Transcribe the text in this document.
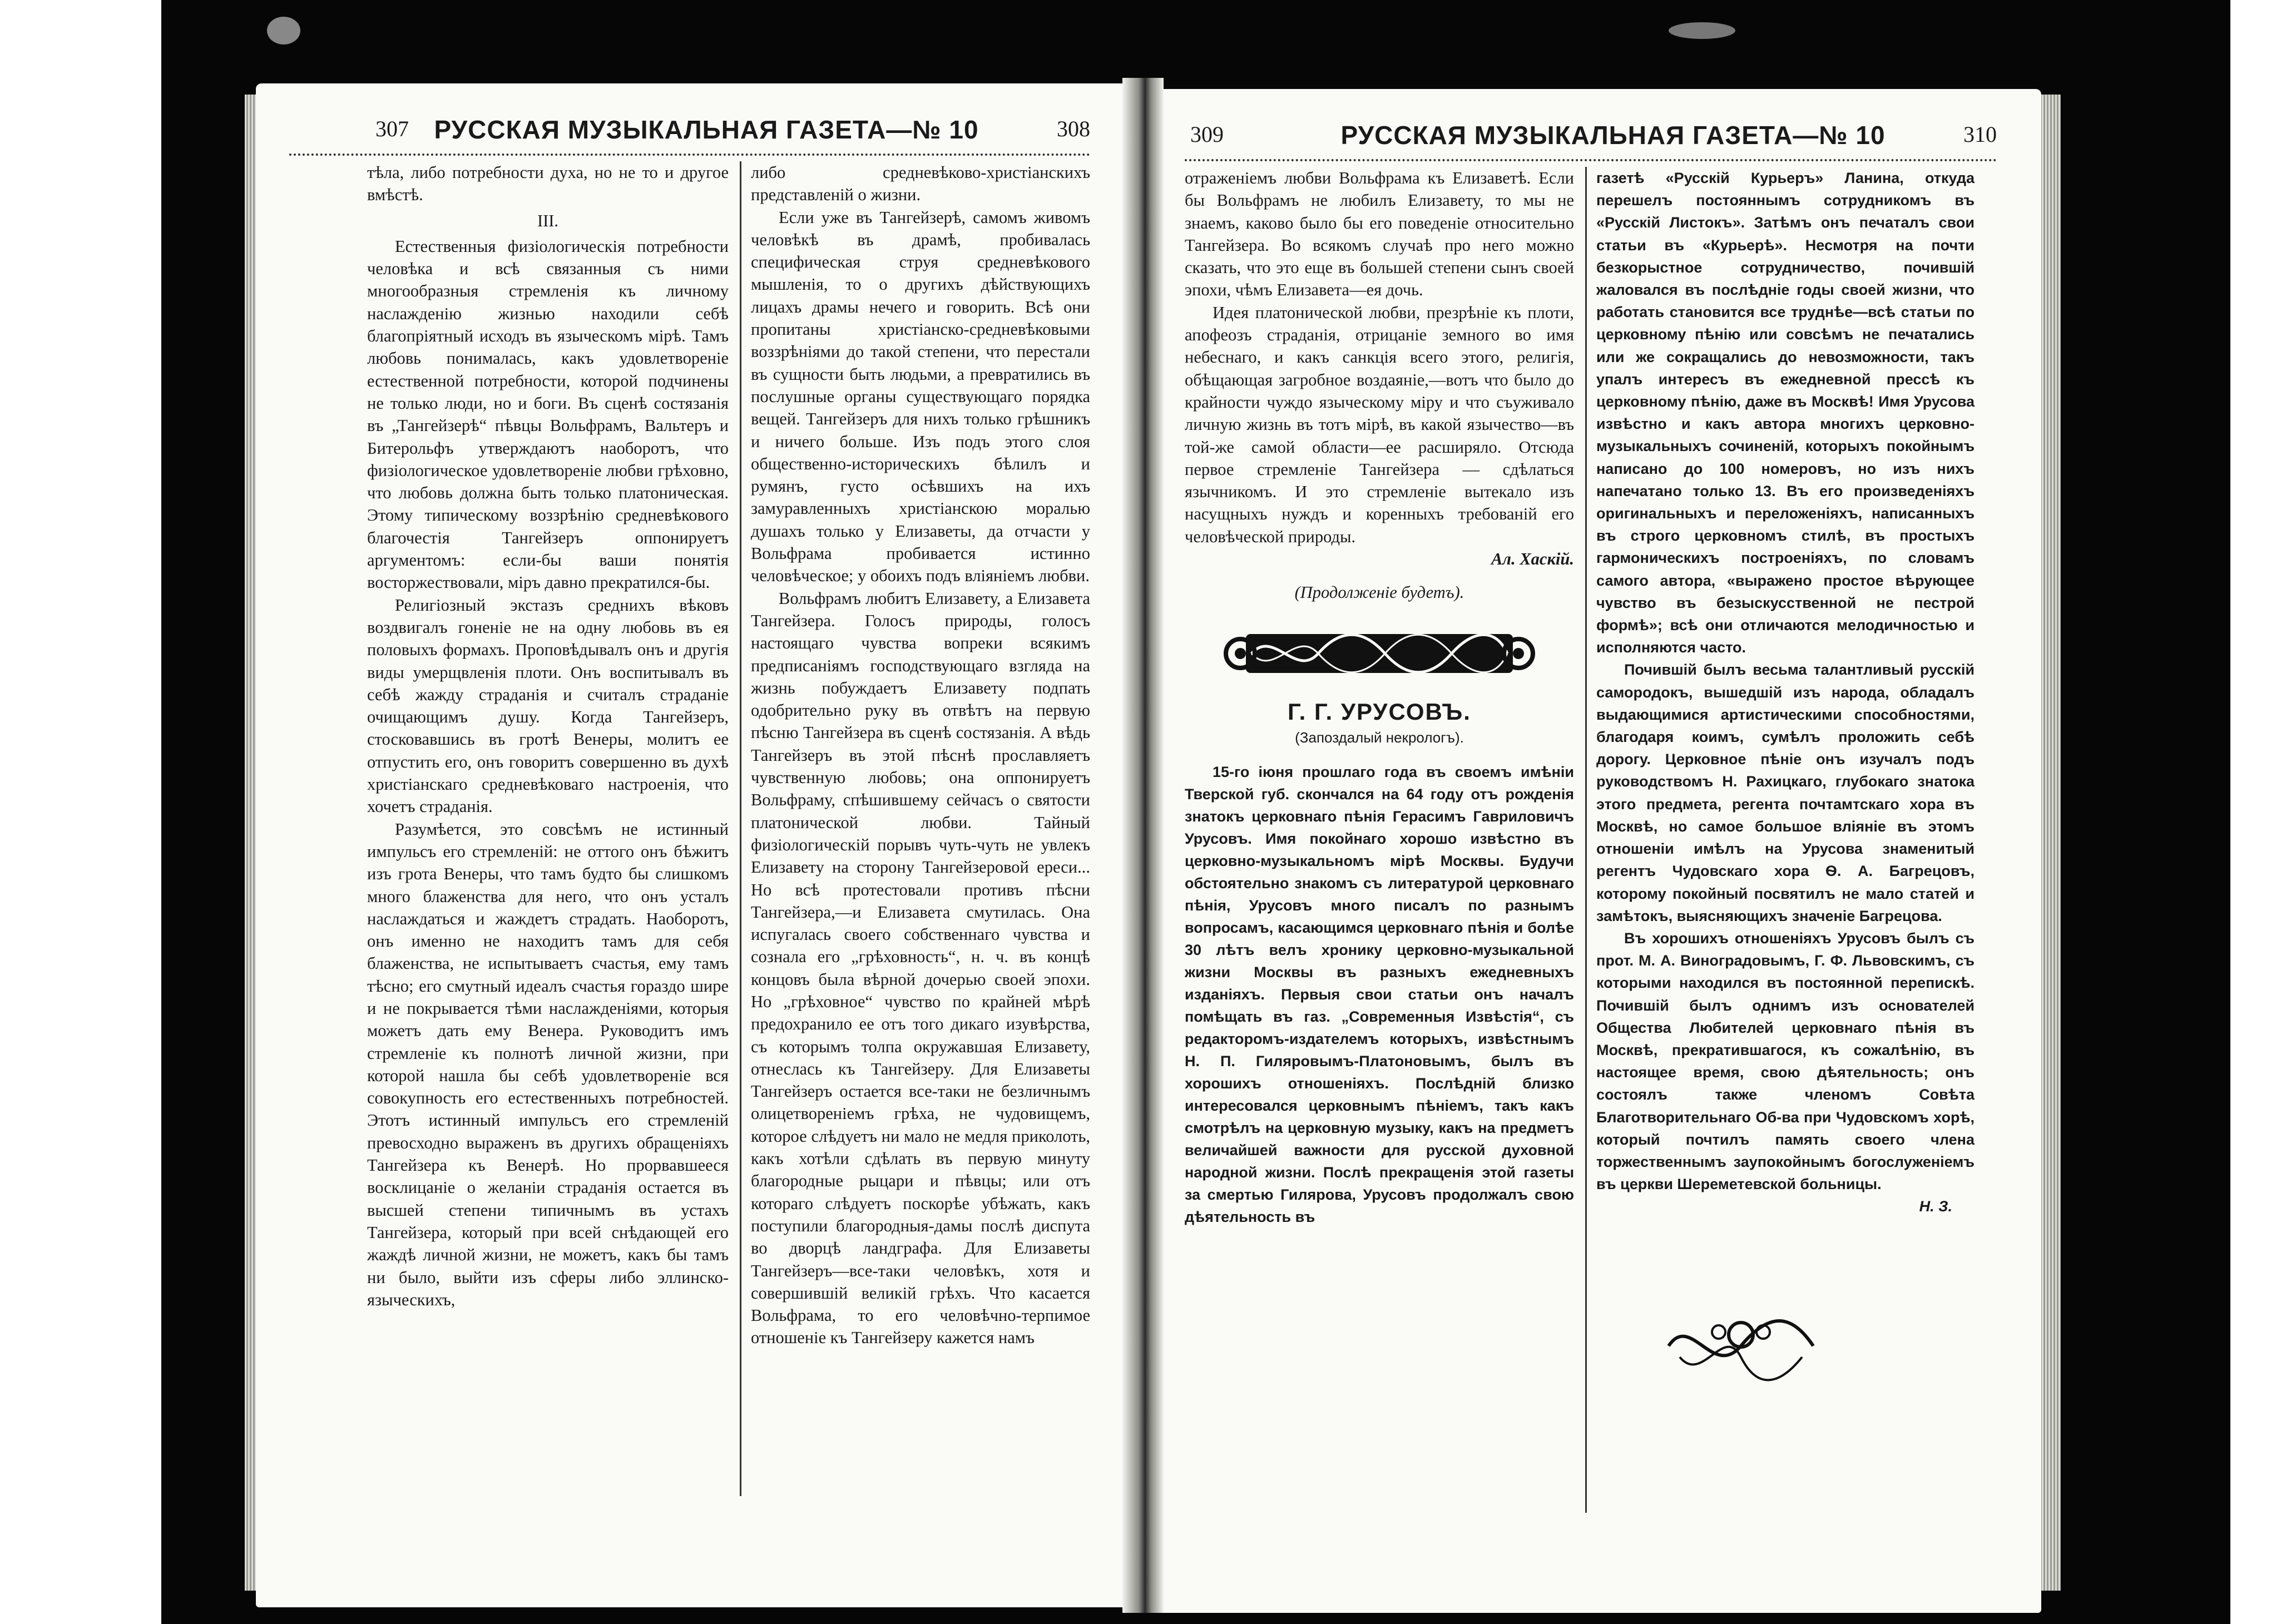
307 РУССКАЯ МУЗЫКАЛЬНАЯ ГАЗЕТА—№ 10	308

тѣла, либо потребности духа, но не то и другое вмѣстѣ.

III.

Естественныя физiологическiя потребности человѣка и всѣ связанныя съ ними многообразныя стремленiя къ личному наслажденiю жизнью находили себѣ благопрiятный исходъ въ языческомъ мiрѣ. Тамъ любовь понималась, какъ удовлетворенiе естественной потребности, которой подчинены не только люди, но и боги. Въ сценѣ состязанiя въ „Тангейзерѣ“ пѣвцы Вольфрамъ, Вальтеръ и Битерольфъ утверждаютъ наоборотъ, что физiологическое удовлетворенiе любви грѣховно, что любовь должна быть только платоническая. Этому типическому воззрѣнiю средневѣкового благочестiя Тангейзеръ оппонируетъ аргументомъ: если-бы ваши понятiя восторжествовали, мiръ давно прекратился-бы.

Религiозный экстазъ среднихъ вѣковъ воздвигалъ гоненiе не на одну любовь въ ея половыхъ формахъ. Проповѣдывалъ онъ и другiя виды умерщвленiя плоти. Онъ воспитывалъ въ себѣ жажду страданiя и считалъ страданiе очищающимъ душу. Когда Тангейзеръ, стосковавшись въ гротѣ Венеры, молитъ ее отпустить его, онъ говоритъ совершенно въ духѣ христiанскаго средневѣковаго настроенiя, что хочетъ страданiя.

Разумѣется, это совсѣмъ не истинный импульсъ его стремленiй: не оттого онъ бѣжитъ изъ грота Венеры, что тамъ будто бы слишкомъ много блаженства для него, что онъ усталъ наслаждаться и жаждетъ страдать. Наоборотъ, онъ именно не находитъ тамъ для себя блаженства, не испытываетъ счастья, ему тамъ тѣсно; его смутный идеалъ счастья гораздо шире и не покрывается тѣми наслажденiями, которыя можетъ дать ему Венера. Руководитъ имъ стремленiе къ полнотѣ личной жизни, при которой нашла бы себѣ удовлетворенiе вся совокупность его естественныхъ потребностей. Этотъ истинный импульсъ его стремленiй превосходно выраженъ въ другихъ обращенiяхъ Тангейзера къ Венерѣ. Но прорвавшееся восклицанiе о желанiи страданiя остается въ высшей степени типичнымъ въ устахъ Тангейзера, который при всей снѣдающей его жаждѣ личной жизни, не можетъ, какъ бы тамъ ни было, выйти изъ сферы либо эллинско-языческихъ,

либо средневѣково-христiанскихъ представленiй о жизни.

Если уже въ Тангейзерѣ, самомъ живомъ человѣкѣ въ драмѣ, пробивалась специфическая струя средневѣкового мышленiя, то о другихъ дѣйствующихъ лицахъ драмы нечего и говорить. Всѣ они пропитаны христiанско-средневѣковыми воззрѣнiями до такой степени, что перестали въ сущности быть людьми, а превратились въ послушные органы существующаго порядка вещей. Тангейзеръ для нихъ только грѣшникъ и ничего больше. Изъ подъ этого слоя общественно-историческихъ бѣлилъ и румянъ, густо осѣвшихъ на ихъ замуравленныхъ христiанскою моралью душахъ только у Елизаветы, да отчасти у Вольфрама пробивается истинно человѣческое; у обоихъ подъ влiянiемъ любви.

Вольфрамъ любитъ Елизавету, а Елизавета Тангейзера. Голосъ природы, голосъ настоящаго чувства вопреки всякимъ предписанiямъ господствующаго взгляда на жизнь побуждаетъ Елизавету подпать одобрительно руку въ отвѣтъ на первую пѣсню Тангейзера въ сценѣ состязанiя. А вѣдь Тангейзеръ въ этой пѣснѣ прославляетъ чувственную любовь; она оппонируетъ Вольфраму, спѣшившему сейчасъ о святости платонической любви. Тайный физiологическiй порывъ чуть-чуть не увлекъ Елизавету на сторону Тангейзеровой ереси... Но всѣ протестовали противъ пѣсни Тангейзера,—и Елизавета смутилась. Она испугалась своего собственнаго чувства и сознала его „грѣховность“, н. ч. въ концѣ концовъ была вѣрной дочерью своей эпохи. Но „грѣховное“ чувство по крайней мѣрѣ предохранило ее отъ того дикаго изувѣрства, съ которымъ толпа окружавшая Елизавету, отнеслась къ Тангейзеру. Для Елизаветы Тангейзеръ остается все-таки не безличнымъ олицетворенiемъ грѣха, не чудовищемъ, которое слѣдуетъ ни мало не медля приколоть, какъ хотѣли сдѣлать въ первую минуту благородные рыцари и пѣвцы; или отъ котораго слѣдуетъ поскорѣе убѣжать, какъ поступили благородныя-дамы послѣ диспута во дворцѣ ландграфа. Для Елизаветы Тангейзеръ—все-таки человѣкъ, хотя и совершившiй великiй грѣхъ. Что касается Вольфрама, то его человѣчно-терпимое отношенiе къ Тангейзеру кажется намъ

309	РУССКАЯ МУЗЫКАЛЬНАЯ ГАЗЕТА—№ 10	310

отраженiемъ любви Вольфрама къ Елизаветѣ. Если бы Вольфрамъ не любилъ Елизавету, то мы не знаемъ, каково было бы его поведенiе относительно Тангейзера. Во всякомъ случаѣ про него можно сказать, что это еще въ большей степени сынъ своей эпохи, чѣмъ Елизавета—ея дочь.

Идея платонической любви, презрѣнiе къ плоти, апофеозъ страданiя, отрицанiе земного во имя небеснаго, и какъ санкцiя всего этого, религiя, обѣщающая загробное воздаянiе,—вотъ что было до крайности чуждо языческому мiру и что съуживало личную жизнь въ тотъ мiрѣ, въ какой язычество—въ той-же самой области—ее расширяло. Отсюда первое стремленiе Тангейзера — сдѣлаться язычникомъ. И это стремленiе вытекало изъ насущныхъ нуждъ и коренныхъ требованiй его человѣческой природы.

Ал. Хаскій.

(Продолженіе будетъ).

Г. Г. УРУСОВЪ.
(Запоздалый некрологъ).

15-го iюня прошлаго года въ своемъ имѣнiи Тверской губ. скончался на 64 году отъ рожденiя знатокъ церковнаго пѣнiя Герасимъ Гавриловичъ Урусовъ. Имя покойнаго хорошо извѣстно въ церковно-музыкальномъ мiрѣ Москвы. Будучи обстоятельно знакомъ съ литературой церковнаго пѣнiя, Урусовъ много писалъ по разнымъ вопросамъ, касающимся церковнаго пѣнiя и болѣе 30 лѣтъ велъ хронику церковно-музыкальной жизни Москвы въ разныхъ ежедневныхъ изданiяхъ. Первыя свои статьи онъ началъ помѣщать въ газ. „Современныя Извѣстiя“, съ редакторомъ-издателемъ которыхъ, извѣстнымъ Н. П. Гиляровымъ-Платоновымъ, былъ въ хорошихъ отношенiяхъ. Послѣднiй близко интересовался церковнымъ пѣнiемъ, такъ какъ смотрѣлъ на церковную музыку, какъ на предметъ величайшей важности для русской духовной народной жизни. Послѣ прекращенiя этой газеты за смертью Гилярова, Урусовъ продолжалъ свою дѣятельность въ

газетѣ «Русскiй Курьеръ» Ланина, откуда перешелъ постояннымъ сотрудникомъ въ «Русскiй Листокъ». Затѣмъ онъ печаталъ свои статьи въ «Курьерѣ». Несмотря на почти безкорыстное сотрудничество, почившiй жаловался въ послѣднiе годы своей жизни, что работать становится все труднѣе—всѣ статьи по церковному пѣнiю или совсѣмъ не печатались или же сокращались до невозможности, такъ упалъ интересъ въ ежедневной прессѣ къ церковному пѣнiю, даже въ Москвѣ! Имя Урусова извѣстно и какъ автора многихъ церковно-музыкальныхъ сочиненiй, которыхъ покойнымъ написано до 100 номеровъ, но изъ нихъ напечатано только 13. Въ его произведенiяхъ оригинальныхъ и переложенiяхъ, написанныхъ въ строго церковномъ стилѣ, въ простыхъ гармоническихъ построенiяхъ, по словамъ самого автора, «выражено простое вѣрующее чувство въ безыскусственной не пестрой формѣ»; всѣ они отличаются мелодичностью и исполняются часто.

Почившiй былъ весьма талантливый русскiй самородокъ, вышедшiй изъ народа, обладалъ выдающимися артистическими способностями, благодаря коимъ, сумѣлъ проложить себѣ дорогу. Церковное пѣнiе онъ изучалъ подъ руководствомъ Н. Рахицкаго, глубокаго знатока этого предмета, регента почтамтскаго хора въ Москвѣ, но самое большое влiянiе въ этомъ отношенiи имѣлъ на Урусова знаменитый регентъ Чудовскаго хора Ѳ. А. Багрецовъ, которому покойный посвятилъ не мало статей и замѣтокъ, выясняющихъ значенiе Багрецова.

Въ хорошихъ отношенiяхъ Урусовъ былъ съ прот. М. А. Виноградовымъ, Г. Ф. Львовскимъ, съ которыми находился въ постоянной перепискѣ. Почившiй былъ однимъ изъ основателей Общества Любителей церковнаго пѣнiя въ Москвѣ, прекратившагося, къ сожалѣнiю, въ настоящее время, свою дѣятельность; онъ состоялъ также членомъ Совѣта Благотворительнаго Об-ва при Чудовскомъ хорѣ, который почтилъ память своего члена торжественнымъ заупокойнымъ богослуженiемъ въ церкви Шереметевской больницы.

Н. З.
